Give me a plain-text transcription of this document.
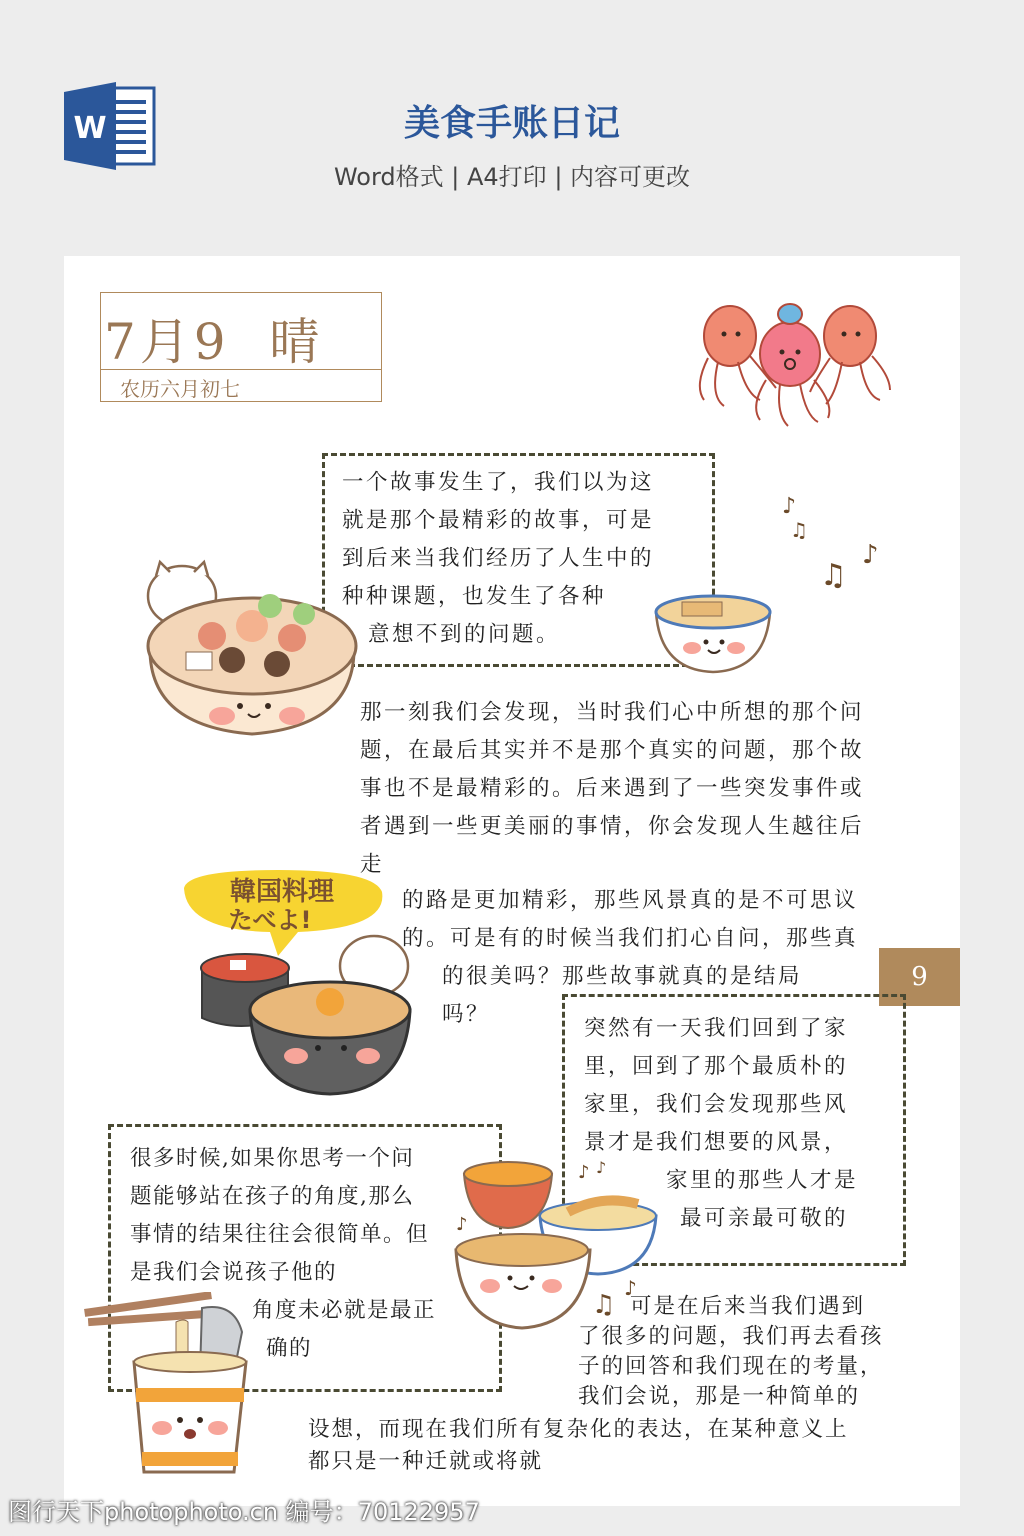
W	美食手账日记
Word格式 | A4打印 | 内容可更改
7月9  晴
农历六月初七
♪
♫
♫
♪
♪ ♪
♪
♫
♪
一个故事发生了，我们以为这
就是那个最精彩的故事，可是
到后来当我们经历了人生中的
种种课题，也发生了各种
意想不到的问题。
那一刻我们会发现，当时我们心中所想的那个问
题，在最后其实并不是那个真实的问题，那个故
事也不是最精彩的。后来遇到了一些突发事件或
者遇到一些更美丽的事情，你会发现人生越往后
走
韓国料理
たべよ!
的路是更加精彩，那些风景真的是不可思议
的。可是有的时候当我们扪心自问，那些真
的很美吗？那些故事就真的是结局
吗？
9
突然有一天我们回到了家
里，回到了那个最质朴的
家里，我们会发现那些风
景才是我们想要的风景，
家里的那些人才是
最可亲最可敬的
很多时候,如果你思考一个问
题能够站在孩子的角度,那么
事情的结果往往会很简单。但
是我们会说孩子他的
角度未必就是最正
确的
可是在后来当我们遇到
了很多的问题，我们再去看孩
子的回答和我们现在的考量，
我们会说，那是一种简单的
设想，而现在我们所有复杂化的表达，在某种意义上
都只是一种迁就或将就
图行天下photophoto.cn 编号：70122957
